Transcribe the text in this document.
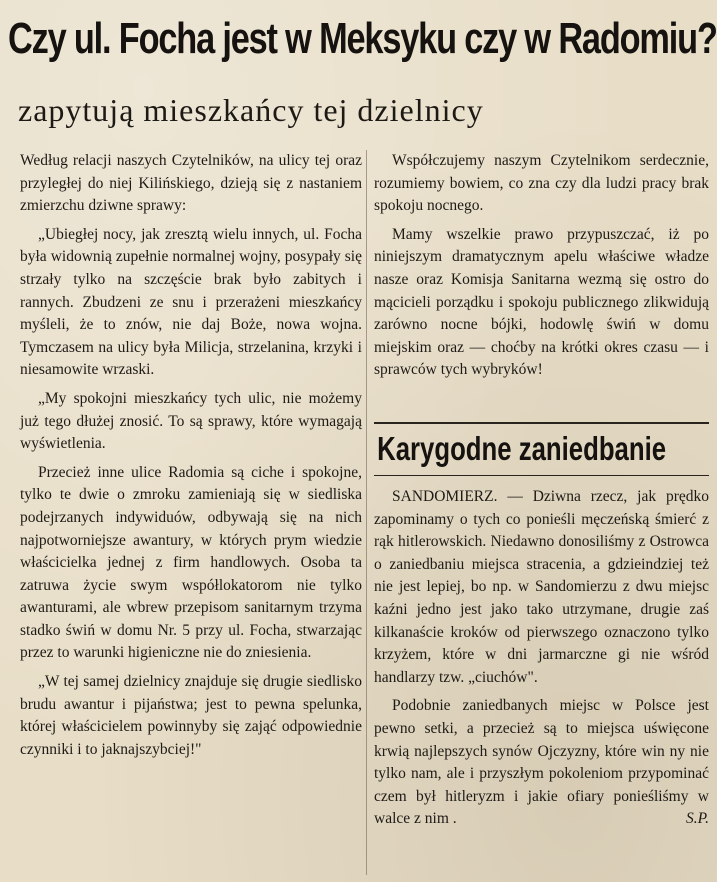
Czy ul. Focha jest w Meksyku czy w Radomiu?
zapytują mieszkańcy tej dzielnicy

Według relacji naszych Czytelników, na ulicy tej oraz przyległej do niej Kilińskiego, dzieją się z nastaniem zmierzchu dziwne sprawy:

„Ubiegłej nocy, jak zresztą wielu innych, ul. Focha była widownią zupełnie normalnej wojny, posypały się strzały tylko na szczęście brak było zabitych i rannych. Zbudzeni ze snu i przerażeni mieszkańcy myśleli, że to znów, nie daj Boże, nowa wojna. Tymczasem na ulicy była Milicja, strzelanina, krzyki i niesamowite wrzaski.

„My spokojni mieszkańcy tych ulic, nie możemy już tego dłużej znosić. To są sprawy, które wymagają wyświetlenia.

Przecież inne ulice Radomia są ciche i spokojne, tylko te dwie o zmroku zamieniają się w siedliska podejrzanych indywiduów, odbywają się na nich najpotworniejsze awantury, w których prym wiedzie właścicielka jednej z firm handlowych. Osoba ta zatruwa życie swym współlokatorom nie tylko awanturami, ale wbrew przepisom sanitarnym trzyma stadko świń w domu Nr. 5 przy ul. Focha, stwarzając przez to warunki higieniczne nie do zniesienia.

„W tej samej dzielnicy znajduje się drugie siedlisko brudu awantur i pijaństwa; jest to pewna spelunka, której właścicielem powinnyby się zająć odpowiednie czynniki i to jaknajszybciej!"

Współczujemy naszym Czytelnikom serdecznie, rozumiemy bowiem, co zna czy dla ludzi pracy brak spokoju nocnego.

Mamy wszelkie prawo przypuszczać, iż po niniejszym dramatycznym apelu właściwe władze nasze oraz Komisja Sanitarna wezmą się ostro do mącicieli porządku i spokoju publicznego zlikwidują zarówno nocne bójki, hodowlę świń w domu miejskim oraz — choćby na krótki okres czasu — i sprawców tych wybryków!

Karygodne zaniedbanie

SANDOMIERZ. — Dziwna rzecz, jak prędko zapominamy o tych co ponieśli męczeńską śmierć z rąk hitlerowskich. Niedawno donosiliśmy z Ostrowca o zaniedbaniu miejsca stracenia, a gdzieindziej też nie jest lepiej, bo np. w Sandomierzu z dwu miejsc kaźni jedno jest jako tako utrzymane, drugie zaś kilkanaście kroków od pierwszego oznaczono tylko krzyżem, które w dni jarmarczne gi nie wśród handlarzy tzw. „ciuchów".

Podobnie zaniedbanych miejsc w Polsce jest pewno setki, a przecież są to miejsca uświęcone krwią najlepszych synów Ojczyzny, które win ny nie tylko nam, ale i przyszłym pokoleniom przypominać czem był hitleryzm i jakie ofiary ponieśliśmy w walce z nim .	S.P.
